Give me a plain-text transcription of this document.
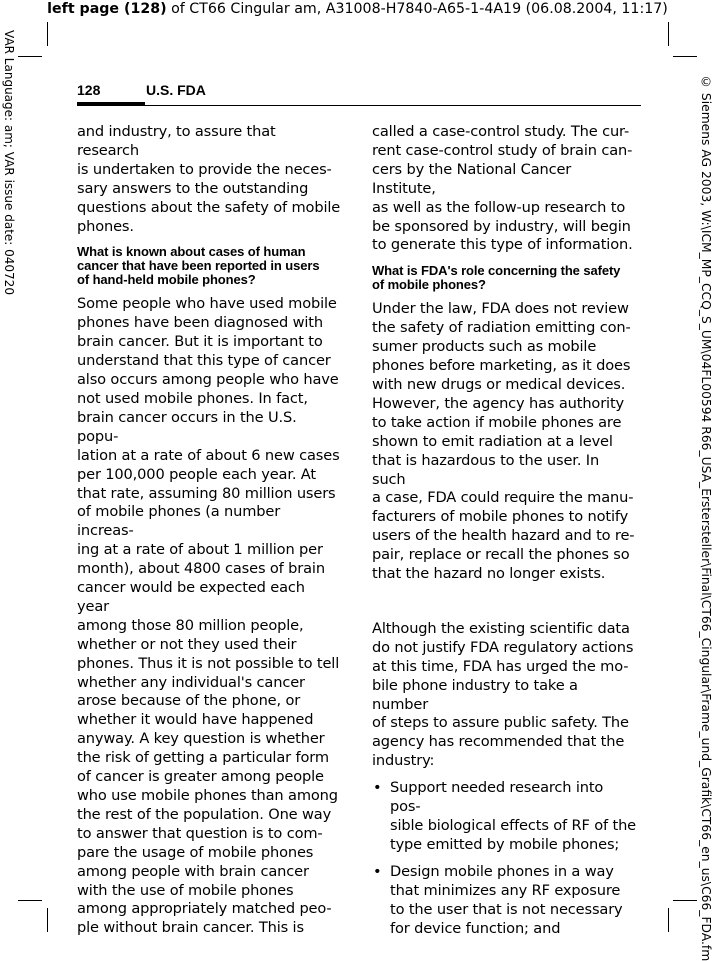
left page (128) of CT66 Cingular am, A31008-H7840-A65-1-4A19 (06.08.2004, 11:17)
VAR Language: am; VAR issue date: 040720	© Siemens AG 2003, W:\ICM_MP_CCQ_S_UM\04FL00594 R66_USA_Erstersteller\Final\CT66_Cingular\Frame_und_Grafik\CT66_en_us\C66_FDA.fm
128	U.S. FDA

and industry, to assure that research
is undertaken to provide the neces-
sary answers to the outstanding
questions about the safety of mobile
phones.

What is known about cases of human
cancer that have been reported in users
of hand-held mobile phones?

Some people who have used mobile
phones have been diagnosed with
brain cancer. But it is important to
understand that this type of cancer
also occurs among people who have
not used mobile phones. In fact,
brain cancer occurs in the U.S. popu-
lation at a rate of about 6 new cases
per 100,000 people each year. At
that rate, assuming 80 million users
of mobile phones (a number increas-
ing at a rate of about 1 million per
month), about 4800 cases of brain
cancer would be expected each year
among those 80 million people,
whether or not they used their
phones. Thus it is not possible to tell
whether any individual's cancer
arose because of the phone, or
whether it would have happened
anyway. A key question is whether
the risk of getting a particular form
of cancer is greater among people
who use mobile phones than among
the rest of the population. One way
to answer that question is to com-
pare the usage of mobile phones
among people with brain cancer
with the use of mobile phones
among appropriately matched peo-
ple without brain cancer. This is

called a case-control study. The cur-
rent case-control study of brain can-
cers by the National Cancer Institute,
as well as the follow-up research to
be sponsored by industry, will begin
to generate this type of information.

What is FDA's role concerning the safety
of mobile phones?

Under the law, FDA does not review
the safety of radiation emitting con-
sumer products such as mobile
phones before marketing, as it does
with new drugs or medical devices.
However, the agency has authority
to take action if mobile phones are
shown to emit radiation at a level
that is hazardous to the user. In such
a case, FDA could require the manu-
facturers of mobile phones to notify
users of the health hazard and to re-
pair, replace or recall the phones so
that the hazard no longer exists.

Although the existing scientific data
do not justify FDA regulatory actions
at this time, FDA has urged the mo-
bile phone industry to take a number
of steps to assure public safety. The
agency has recommended that the
industry:

• Support needed research into pos-
sible biological effects of RF of the
type emitted by mobile phones;
• Design mobile phones in a way
that minimizes any RF exposure
to the user that is not necessary
for device function; and
